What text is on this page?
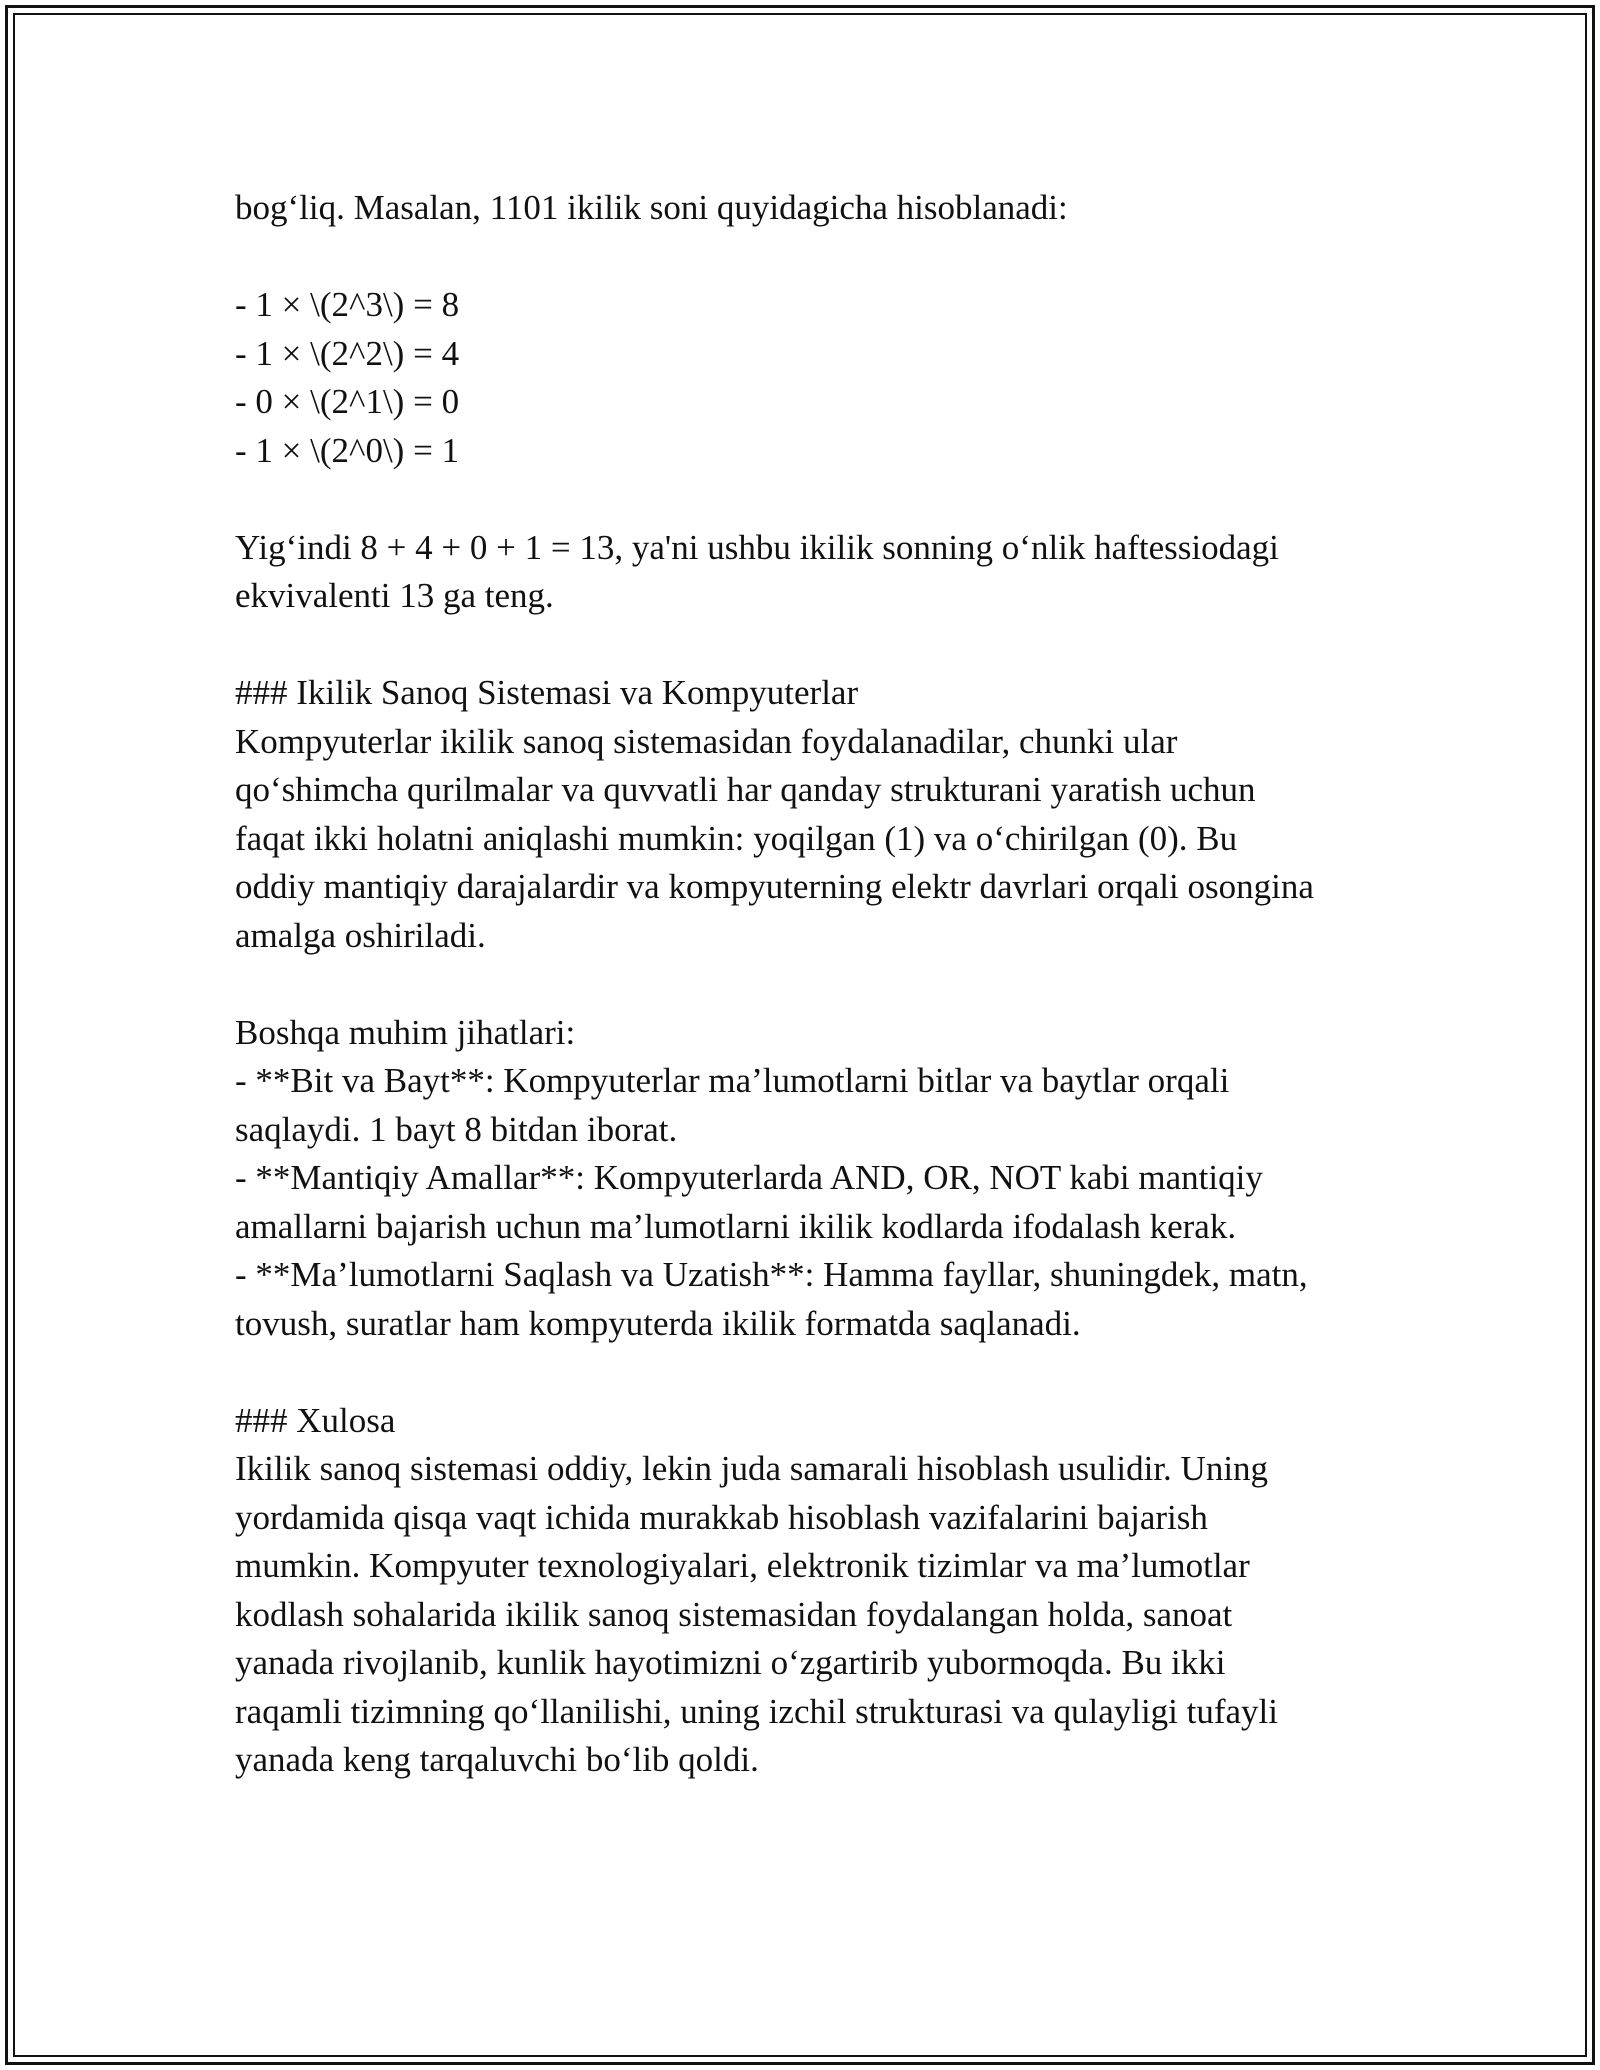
bog‘liq. Masalan, 1101 ikilik soni quyidagicha hisoblanadi:
- 1 × \(2^3\) = 8
- 1 × \(2^2\) = 4
- 0 × \(2^1\) = 0
- 1 × \(2^0\) = 1
Yig‘indi 8 + 4 + 0 + 1 = 13, ya'ni ushbu ikilik sonning o‘nlik haftessiodagi
ekvivalenti 13 ga teng.
### Ikilik Sanoq Sistemasi va Kompyuterlar
Kompyuterlar ikilik sanoq sistemasidan foydalanadilar, chunki ular
qo‘shimcha qurilmalar va quvvatli har qanday strukturani yaratish uchun
faqat ikki holatni aniqlashi mumkin: yoqilgan (1) va o‘chirilgan (0). Bu
oddiy mantiqiy darajalardir va kompyuterning elektr davrlari orqali osongina
amalga oshiriladi.
Boshqa muhim jihatlari:
- **Bit va Bayt**: Kompyuterlar ma’lumotlarni bitlar va baytlar orqali
saqlaydi. 1 bayt 8 bitdan iborat.
- **Mantiqiy Amallar**: Kompyuterlarda AND, OR, NOT kabi mantiqiy
amallarni bajarish uchun ma’lumotlarni ikilik kodlarda ifodalash kerak.
- **Ma’lumotlarni Saqlash va Uzatish**: Hamma fayllar, shuningdek, matn,
tovush, suratlar ham kompyuterda ikilik formatda saqlanadi.
### Xulosa
Ikilik sanoq sistemasi oddiy, lekin juda samarali hisoblash usulidir. Uning
yordamida qisqa vaqt ichida murakkab hisoblash vazifalarini bajarish
mumkin. Kompyuter texnologiyalari, elektronik tizimlar va ma’lumotlar
kodlash sohalarida ikilik sanoq sistemasidan foydalangan holda, sanoat
yanada rivojlanib, kunlik hayotimizni o‘zgartirib yubormoqda. Bu ikki
raqamli tizimning qo‘llanilishi, uning izchil strukturasi va qulayligi tufayli
yanada keng tarqaluvchi bo‘lib qoldi.
